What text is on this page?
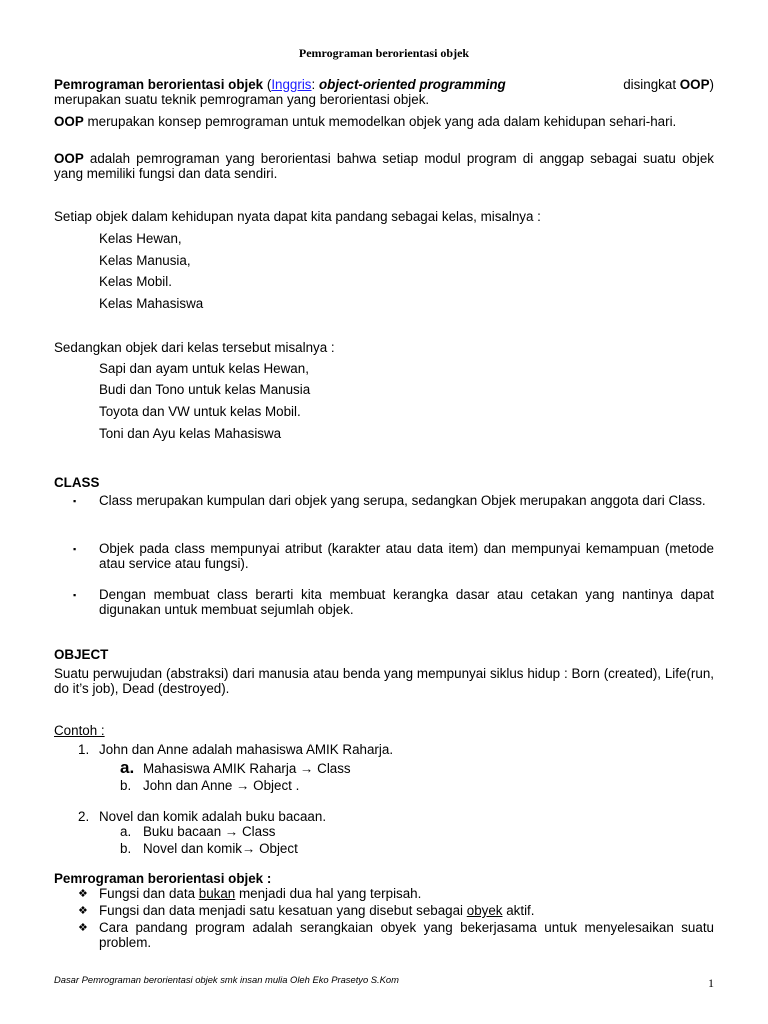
Pemrograman berorientasi objek
Pemrograman berorientasi objek (Inggris: object-oriented programming	disingkat OOP)
merupakan suatu teknik pemrograman yang berorientasi objek.
OOP merupakan konsep pemrograman untuk memodelkan objek yang ada dalam kehidupan sehari-hari.
OOP adalah pemrograman yang berorientasi bahwa setiap modul program di anggap sebagai suatu objek yang memiliki fungsi dan data sendiri.
Setiap objek dalam kehidupan nyata dapat kita pandang sebagai kelas, misalnya :
Kelas Hewan,
Kelas Manusia,
Kelas Mobil.
Kelas Mahasiswa
Sedangkan objek dari kelas tersebut misalnya :
Sapi dan ayam untuk kelas Hewan,
Budi dan Tono untuk kelas Manusia
Toyota dan VW untuk kelas Mobil.
Toni dan Ayu kelas Mahasiswa
CLASS
▪ Class merupakan kumpulan dari objek yang serupa, sedangkan Objek merupakan anggota dari Class.
▪ Objek pada class mempunyai atribut (karakter atau data item) dan mempunyai kemampuan (metode atau service atau fungsi).
▪ Dengan membuat class berarti kita membuat kerangka dasar atau cetakan yang nantinya dapat digunakan untuk membuat sejumlah objek.
OBJECT
Suatu perwujudan (abstraksi) dari manusia atau benda yang mempunyai siklus hidup : Born (created), Life(run, do it’s job), Dead (destroyed).
Contoh :
1. John dan Anne adalah mahasiswa AMIK Raharja.
a. Mahasiswa AMIK Raharja → Class
b. John dan Anne → Object .
2. Novel dan komik adalah buku bacaan.
a. Buku bacaan → Class
b. Novel dan komik→ Object
Pemrograman berorientasi objek :
❖ Fungsi dan data bukan menjadi dua hal yang terpisah.
❖ Fungsi dan data menjadi satu kesatuan yang disebut sebagai obyek aktif.
❖ Cara pandang program adalah serangkaian obyek yang bekerjasama untuk menyelesaikan suatu problem.
Dasar Pemrograman berorientasi objek smk insan mulia Oleh Eko Prasetyo S.Kom	1
